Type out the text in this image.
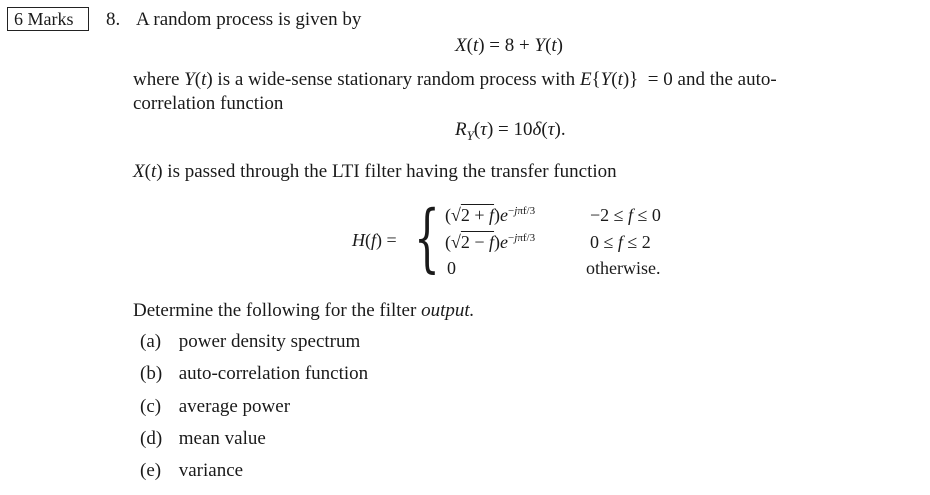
6 Marks	8. A random process is given by
X(t) = 8 + Y(t)
where Y(t) is a wide-sense stationary random process with E{Y(t)}  = 0 and the auto-
correlation function
$R_Y(\tau) = 10\delta(\tau)$.
X(t) is passed through the LTI filter having the transfer function
H(f) = { $(√2 + f)e^{-j\pi f/3}$	−2 ≤ f ≤ 0
$(√2 - f)e^{-j\pi f/3}$	0 ≤ f ≤ 2
0	otherwise.
Determine the following for the filter output.
(a) power density spectrum
(b) auto-correlation function
(c) average power
(d) mean value
(e) variance
